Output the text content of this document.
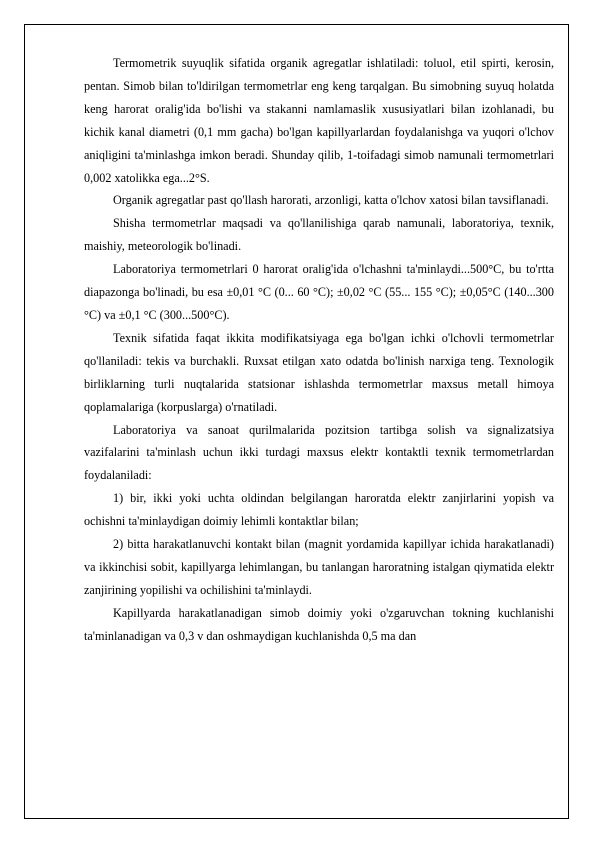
Termometrik suyuqlik sifatida organik agregatlar ishlatiladi: toluol, etil spirti, kerosin, pentan. Simob bilan to'ldirilgan termometrlar eng keng tarqalgan. Bu simobning suyuq holatda keng harorat oralig'ida bo'lishi va stakanni namlamaslik xususiyatlari bilan izohlanadi, bu kichik kanal diametri (0,1 mm gacha) bo'lgan kapillyarlardan foydalanishga va yuqori o'lchov aniqligini ta'minlashga imkon beradi. Shunday qilib, 1-toifadagi simob namunali termometrlari 0,002 xatolikka ega...2°S.

Organik agregatlar past qo'llash harorati, arzonligi, katta o'lchov xatosi bilan tavsiflanadi.

Shisha termometrlar maqsadi va qo'llanilishiga qarab namunali, laboratoriya, texnik, maishiy, meteorologik bo'linadi.

Laboratoriya termometrlari 0 harorat oralig'ida o'lchashni ta'minlaydi...500°C, bu to'rtta diapazonga bo'linadi, bu esa ±0,01 °C (0... 60 °C); ±0,02 °C (55... 155 °C); ±0,05°C (140...300 °C) va ±0,1 °C (300...500°C).

Texnik sifatida faqat ikkita modifikatsiyaga ega bo'lgan ichki o'lchovli termometrlar qo'llaniladi: tekis va burchakli. Ruxsat etilgan xato odatda bo'linish narxiga teng. Texnologik birliklarning turli nuqtalarida statsionar ishlashda termometrlar maxsus metall himoya qoplamalariga (korpuslarga) o'rnatiladi.

Laboratoriya va sanoat qurilmalarida pozitsion tartibga solish va signalizatsiya vazifalarini ta'minlash uchun ikki turdagi maxsus elektr kontaktli texnik termometrlardan foydalaniladi:

1) bir, ikki yoki uchta oldindan belgilangan haroratda elektr zanjirlarini yopish va ochishni ta'minlaydigan doimiy lehimli kontaktlar bilan;

2) bitta harakatlanuvchi kontakt bilan (magnit yordamida kapillyar ichida harakatlanadi) va ikkinchisi sobit, kapillyarga lehimlangan, bu tanlangan haroratning istalgan qiymatida elektr zanjirining yopilishi va ochilishini ta'minlaydi.

Kapillyarda harakatlanadigan simob doimiy yoki o'zgaruvchan tokning kuchlanishi ta'minlanadigan va 0,3 v dan oshmaydigan kuchlanishda 0,5 ma dan
